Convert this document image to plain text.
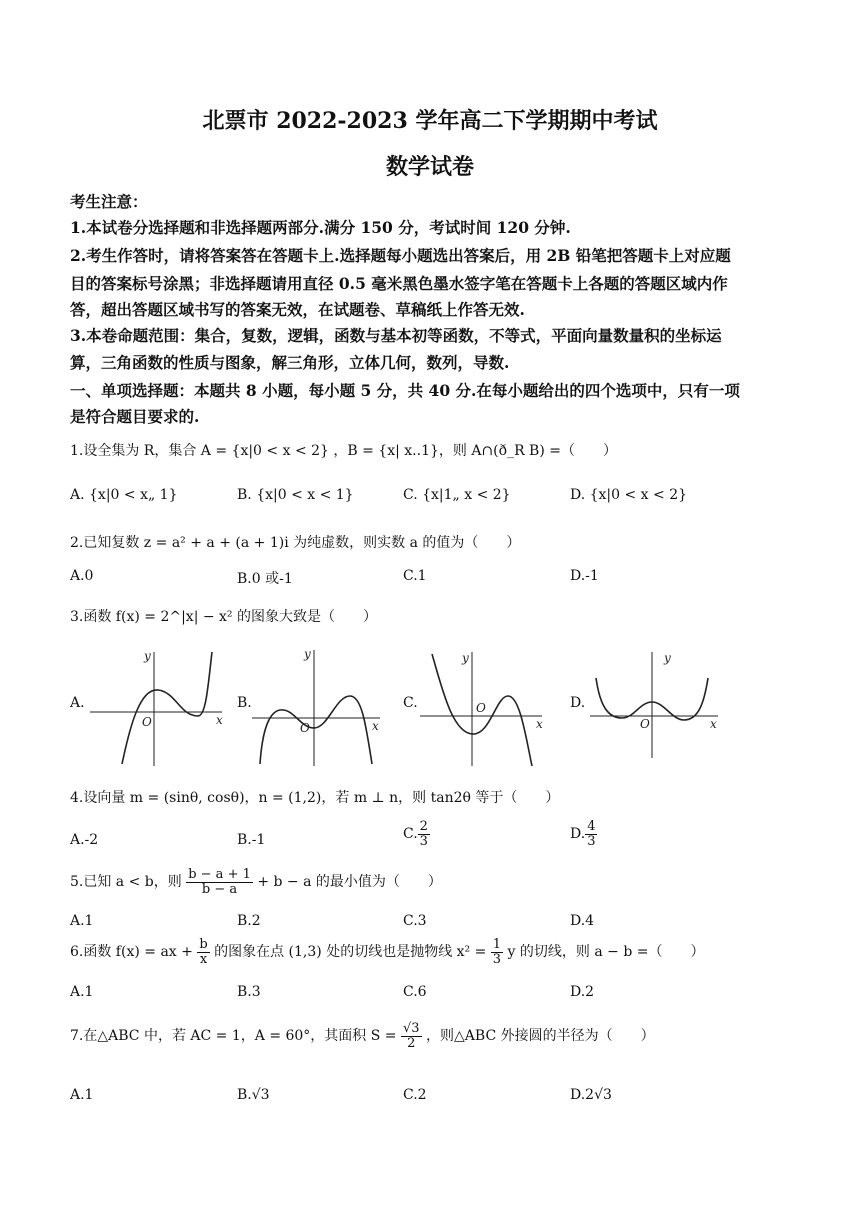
北票市 2022-2023 学年高二下学期期中考试
数学试卷
考生注意：
1.本试卷分选择题和非选择题两部分.满分 150 分，考试时间 120 分钟.
2.考生作答时，请将答案答在答题卡上.选择题每小题选出答案后，用 2B 铅笔把答题卡上对应题
目的答案标号涂黑；非选择题请用直径 0.5 毫米黑色墨水签字笔在答题卡上各题的答题区域内作
答，超出答题区域书写的答案无效，在试题卷、草稿纸上作答无效.
3.本卷命题范围：集合，复数，逻辑，函数与基本初等函数，不等式，平面向量数量积的坐标运
算，三角函数的性质与图象，解三角形，立体几何，数列，导数.
一、单项选择题：本题共 8 小题，每小题 5 分，共 40 分.在每小题给出的四个选项中，只有一项
是符合题目要求的.
1.设全集为 R，集合 A = {x|0 < x < 2} ，B = {x| x..1}，则 A∩(ð_R B) =（　　）
A. {x|0 < x„ 1}	B. {x|0 < x < 1}	C. {x|1„ x < 2}	D. {x|0 < x < 2}
2.已知复数 z = a² + a + (a + 1)i 为纯虚数，则实数 a 的值为（　　）
A.0	B.0 或-1	C.1	D.-1
3.函数 f(x) = 2^|x| − x² 的图象大致是（　　）
A.	B.	C.	D.
y
O	x
y
O	x
y
O
x
y
O	x
4.设向量 m = (sinθ, cosθ)，n = (1,2)，若 m ⊥ n，则 tan2θ 等于（　　）
A.-2	B.-1	C. $\frac{2}{3}$	D. $\frac{4}{3}$
5.已知 a < b，则 $\frac{b - a + 1}{b - a} + b - a$ 的最小值为（　　）
A.1	B.2	C.3	D.4
6.函数 f(x) = ax + $\frac{b}{x}$ 的图象在点 (1,3) 处的切线也是抛物线 $x^2 = \frac{1}{3}$ y 的切线，则 a − b =（　　）
A.1	B.3	C.6	D.2
7.在△ABC 中，若 AC = 1，A = 60°，其面积 $S = \frac{√3}{2}$ ，则△ABC 外接圆的半径为（　　）
A.1	B.√3	C.2	D.2√3
